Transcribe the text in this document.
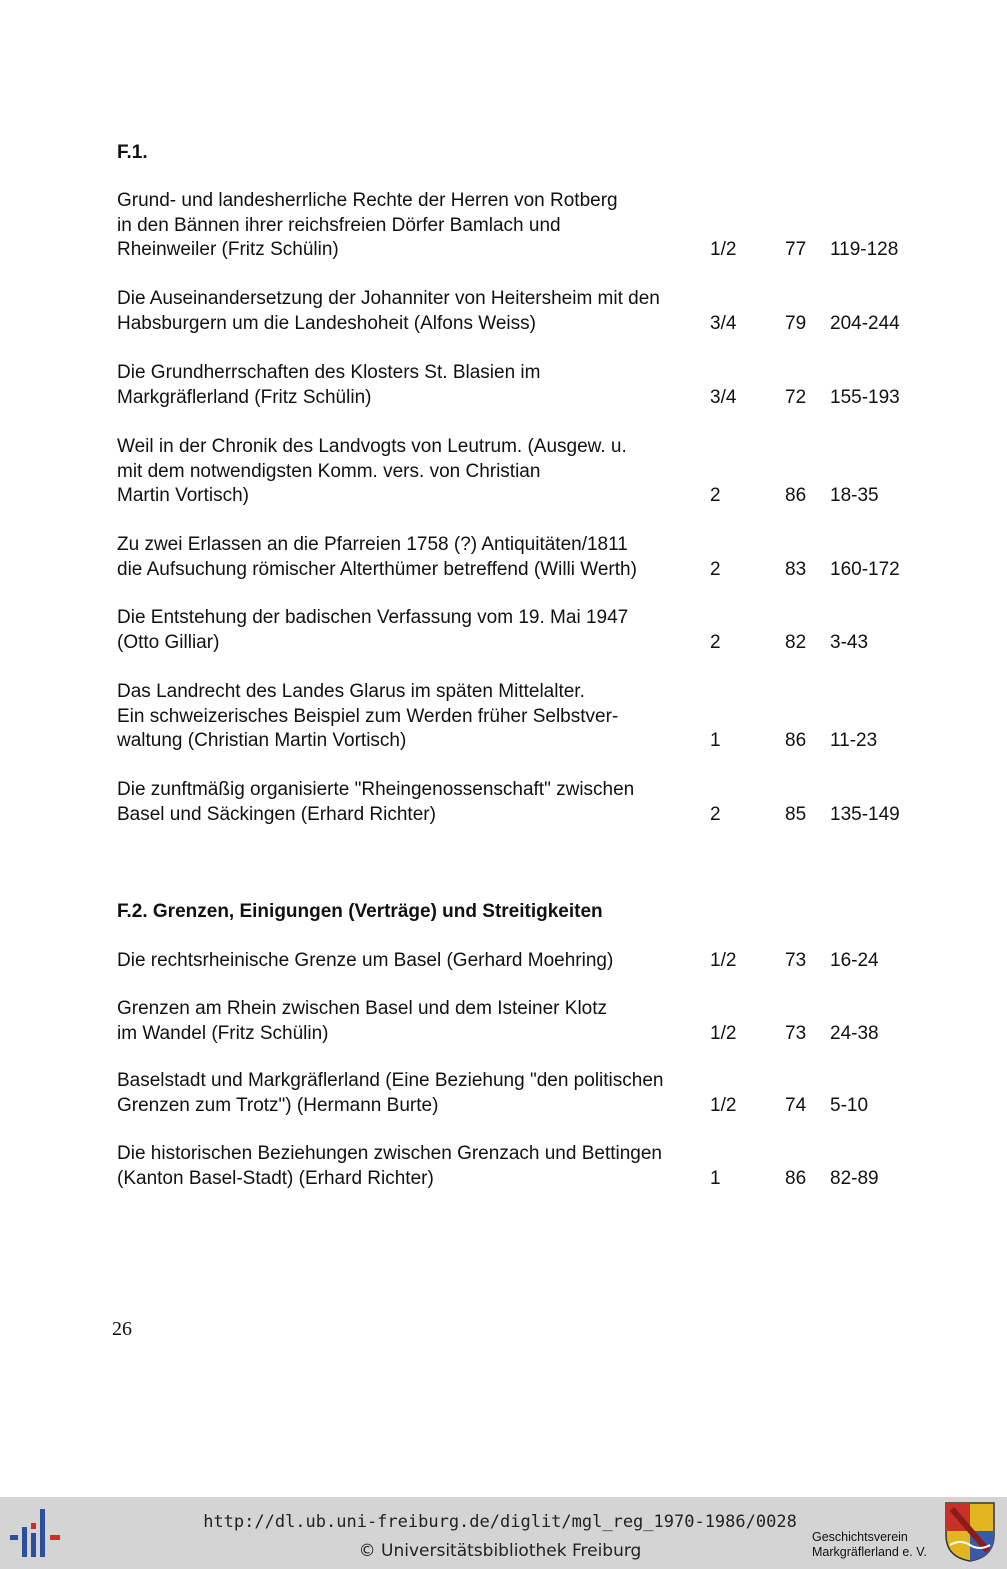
F.1.
Grund- und landesherrliche Rechte der Herren von Rotberg
in den Bännen ihrer reichsfreien Dörfer Bamlach und
Rheinweiler (Fritz Schülin)	1/2	77 119-128
Die Auseinandersetzung der Johanniter von Heitersheim mit den
Habsburgern um die Landeshoheit (Alfons Weiss)	3/4	79 204-244
Die Grundherrschaften des Klosters St. Blasien im
Markgräflerland (Fritz Schülin)	3/4	72 155-193
Weil in der Chronik des Landvogts von Leutrum. (Ausgew. u.
mit dem notwendigsten Komm. vers. von Christian
Martin Vortisch)	2	86 18-35
Zu zwei Erlassen an die Pfarreien 1758 (?) Antiquitäten/1811
die Aufsuchung römischer Alterthümer betreffend (Willi Werth)	2	83 160-172
Die Entstehung der badischen Verfassung vom 19. Mai 1947
(Otto Gilliar)	2	82 3-43
Das Landrecht des Landes Glarus im späten Mittelalter.
Ein schweizerisches Beispiel zum Werden früher Selbstver-
waltung (Christian Martin Vortisch)	1	86 11-23
Die zunftmäßig organisierte "Rheingenossenschaft" zwischen
Basel und Säckingen (Erhard Richter)	2	85 135-149
F.2. Grenzen, Einigungen (Verträge) und Streitigkeiten
Die rechtsrheinische Grenze um Basel (Gerhard Moehring)	1/2	73 16-24
Grenzen am Rhein zwischen Basel und dem Isteiner Klotz
im Wandel (Fritz Schülin)	1/2	73 24-38
Baselstadt und Markgräflerland (Eine Beziehung "den politischen
Grenzen zum Trotz") (Hermann Burte)	1/2	74 5-10
Die historischen Beziehungen zwischen Grenzach und Bettingen
(Kanton Basel-Stadt) (Erhard Richter)	1	86 82-89
26
http://dl.ub.uni-freiburg.de/diglit/mgl_reg_1970-1986/0028
© Universitätsbibliothek Freiburg
Geschichtsverein
Markgräflerland e. V.
